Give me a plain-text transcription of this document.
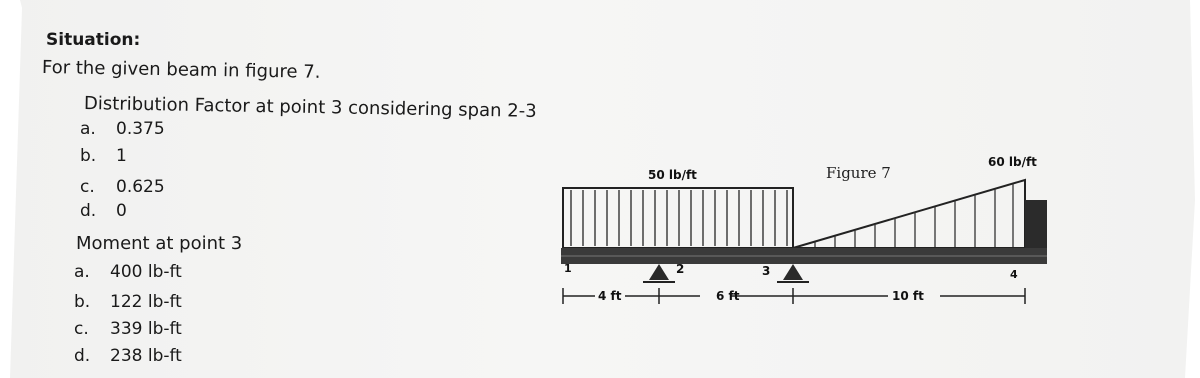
Situation:
For the given beam in figure 7.
Distribution Factor at point 3 considering span 2-3
a. 0.375
b. 1
c. 0.625
d. 0
Moment at point 3
a. 400 lb-ft
b. 122 lb-ft
c. 339 lb-ft
d. 238 lb-ft
50 lb/ft
60 lb/ft
Figure 7
1	2	3	4
4 ft	6 ft	10 ft
